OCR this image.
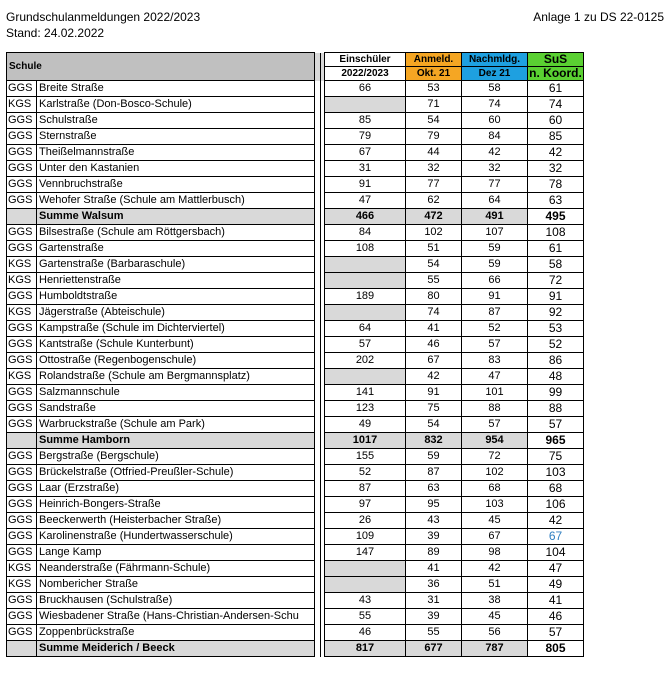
Grundschulanmeldungen 2022/2023
Stand: 24.02.2022
Anlage 1 zu DS 22-0125
Schule				Einschüler	Anmeld.	Nachmldg.	SuS
				2022/2023	Okt. 21	Dez 21	n. Koord.
GGS	Breite Straße			66	53	58	61
KGS	Karlstraße (Don-Bosco-Schule)				71	74	74
GGS	Schulstraße			85	54	60	60
GGS	Sternstraße			79	79	84	85
GGS	Theißelmannstraße			67	44	42	42
GGS	Unter den Kastanien			31	32	32	32
GGS	Vennbruchstraße			91	77	77	78
GGS	Wehofer Straße (Schule am Mattlerbusch)			47	62	64	63
	Summe Walsum			466	472	491	495
GGS	Bilsestraße (Schule am Röttgersbach)			84	102	107	108
GGS	Gartenstraße			108	51	59	61
KGS	Gartenstraße (Barbaraschule)				54	59	58
KGS	Henriettenstraße				55	66	72
GGS	Humboldtstraße			189	80	91	91
KGS	Jägerstraße (Abteischule)				74	87	92
GGS	Kampstraße (Schule im Dichterviertel)			64	41	52	53
GGS	Kantstraße (Schule Kunterbunt)			57	46	57	52
GGS	Ottostraße (Regenbogenschule)			202	67	83	86
KGS	Rolandstraße (Schule am Bergmannsplatz)				42	47	48
GGS	Salzmannschule			141	91	101	99
GGS	Sandstraße			123	75	88	88
GGS	Warbruckstraße (Schule am Park)			49	54	57	57
	Summe Hamborn			1017	832	954	965
GGS	Bergstraße (Bergschule)			155	59	72	75
GGS	Brückelstraße (Otfried-Preußler-Schule)			52	87	102	103
GGS	Laar (Erzstraße)			87	63	68	68
GGS	Heinrich-Bongers-Straße			97	95	103	106
GGS	Beeckerwerth (Heisterbacher Straße)			26	43	45	42
GGS	Karolinenstraße (Hundertwasserschule)			109	39	67	67
GGS	Lange Kamp			147	89	98	104
KGS	Neanderstraße (Fährmann-Schule)				41	42	47
KGS	Nombericher Straße				36	51	49
GGS	Bruckhausen (Schulstraße)			43	31	38	41
GGS	Wiesbadener Straße (Hans-Christian-Andersen-Schu			55	39	45	46
GGS	Zoppenbrückstraße			46	55	56	57
	Summe Meiderich / Beeck			817	677	787	805
